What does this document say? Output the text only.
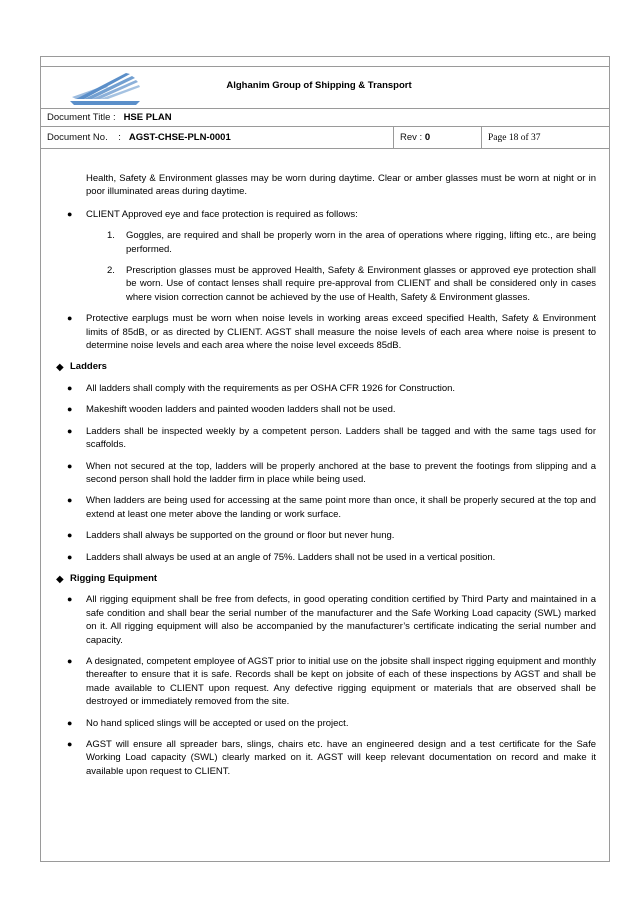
Document Title : HSE PLAN
Document No. : AGST-CHSE-PLN-0001	Rev : 0	Page 18 of 37
Alghanim Group of Shipping & Transport
Health, Safety & Environment glasses may be worn during daytime. Clear or amber glasses must be worn at night or in poor illuminated areas during daytime.
● CLIENT Approved eye and face protection is required as follows:
1. Goggles, are required and shall be properly worn in the area of operations where rigging, lifting etc., are being performed.
2. Prescription glasses must be approved Health, Safety & Environment glasses or approved eye protection shall be worn. Use of contact lenses shall require pre-approval from CLIENT and shall be considered only in cases where vision correction cannot be achieved by the use of Health, Safety & Environment glasses.
● Protective earplugs must be worn when noise levels in working areas exceed specified Health, Safety & Environment limits of 85dB, or as directed by CLIENT. AGST shall measure the noise levels of each area where noise is present to determine noise levels and each area where the noise level exceeds 85dB.
◆ Ladders
● All ladders shall comply with the requirements as per OSHA CFR 1926 for Construction.
● Makeshift wooden ladders and painted wooden ladders shall not be used.
● Ladders shall be inspected weekly by a competent person. Ladders shall be tagged and with the same tags used for scaffolds.
● When not secured at the top, ladders will be properly anchored at the base to prevent the footings from slipping and a second person shall hold the ladder firm in place while being used.
● When ladders are being used for accessing at the same point more than once, it shall be properly secured at the top and extend at least one meter above the landing or work surface.
● Ladders shall always be supported on the ground or floor but never hung.
● Ladders shall always be used at an angle of 75%. Ladders shall not be used in a vertical position.
◆ Rigging Equipment
● All rigging equipment shall be free from defects, in good operating condition certified by Third Party and maintained in a safe condition and shall bear the serial number of the manufacturer and the Safe Working Load capacity (SWL) marked on it. All rigging equipment will also be accompanied by the manufacturer’s certificate indicating the serial number and capacity.
● A designated, competent employee of AGST prior to initial use on the jobsite shall inspect rigging equipment and monthly thereafter to ensure that it is safe. Records shall be kept on jobsite of each of these inspections by AGST and shall be made available to CLIENT upon request. Any defective rigging equipment or materials that are observed shall be destroyed or immediately removed from the site.
● No hand spliced slings will be accepted or used on the project.
● AGST will ensure all spreader bars, slings, chairs etc. have an engineered design and a test certificate for the Safe Working Load capacity (SWL) clearly marked on it. AGST will keep relevant documentation on record and make it available upon request to CLIENT.
